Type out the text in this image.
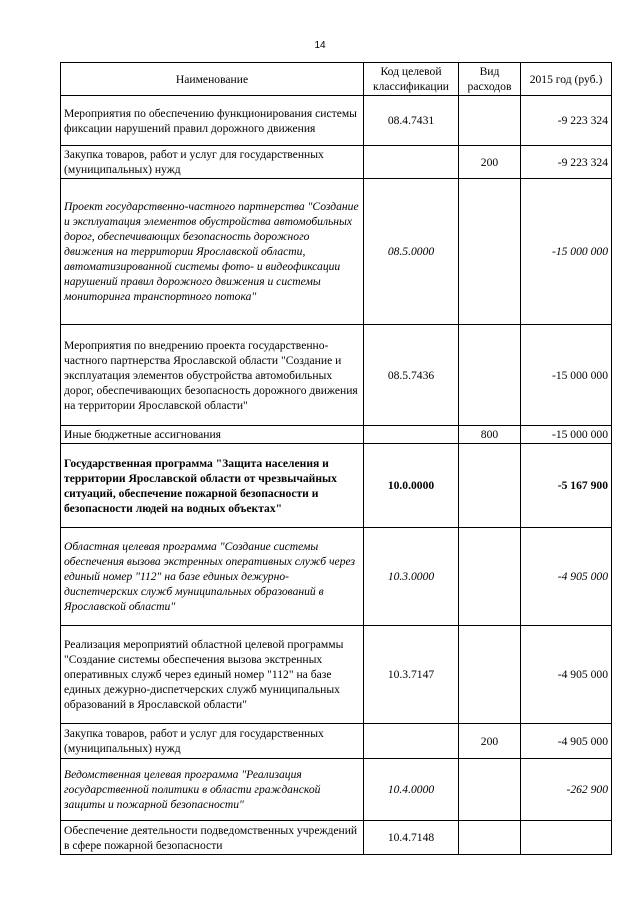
14
Наименование	Код целевой классификации	Вид расходов	2015 год (руб.)
Мероприятия по обеспечению функционирования системы фиксации нарушений правил дорожного движения	08.4.7431		-9 223 324
Закупка товаров, работ и услуг для государственных (муниципальных) нужд		200	-9 223 324
Проект государственно-частного партнерства "Создание и эксплуатация элементов обустройства автомобильных дорог, обеспечивающих безопасность дорожного движения на территории Ярославской области, автоматизированной системы фото- и видеофиксации нарушений правил дорожного движения и системы мониторинга транспортного потока"	08.5.0000		-15 000 000
Мероприятия по внедрению проекта государственно-частного партнерства Ярославской области "Создание и эксплуатация элементов обустройства автомобильных дорог, обеспечивающих безопасность дорожного движения на территории Ярославской области"	08.5.7436		-15 000 000
Иные бюджетные ассигнования		800	-15 000 000
Государственная программа "Защита населения и территории Ярославской области от чрезвычайных ситуаций, обеспечение пожарной безопасности и безопасности людей на водных объектах"	10.0.0000		-5 167 900
Областная целевая программа "Создание системы обеспечения вызова экстренных оперативных служб через единый номер "112" на базе единых дежурно-диспетчерских служб муниципальных образований в Ярославской области"	10.3.0000		-4 905 000
Реализация мероприятий областной целевой программы "Создание системы обеспечения вызова экстренных оперативных служб через единый номер "112" на базе единых дежурно-диспетчерских служб муниципальных образований в Ярославской области"	10.3.7147		-4 905 000
Закупка товаров, работ и услуг для государственных (муниципальных) нужд		200	-4 905 000
Ведомственная целевая программа "Реализация государственной политики в области гражданской защиты и пожарной безопасности"	10.4.0000		-262 900
Обеспечение деятельности подведомственных учреждений в сфере пожарной безопасности	10.4.7148		
